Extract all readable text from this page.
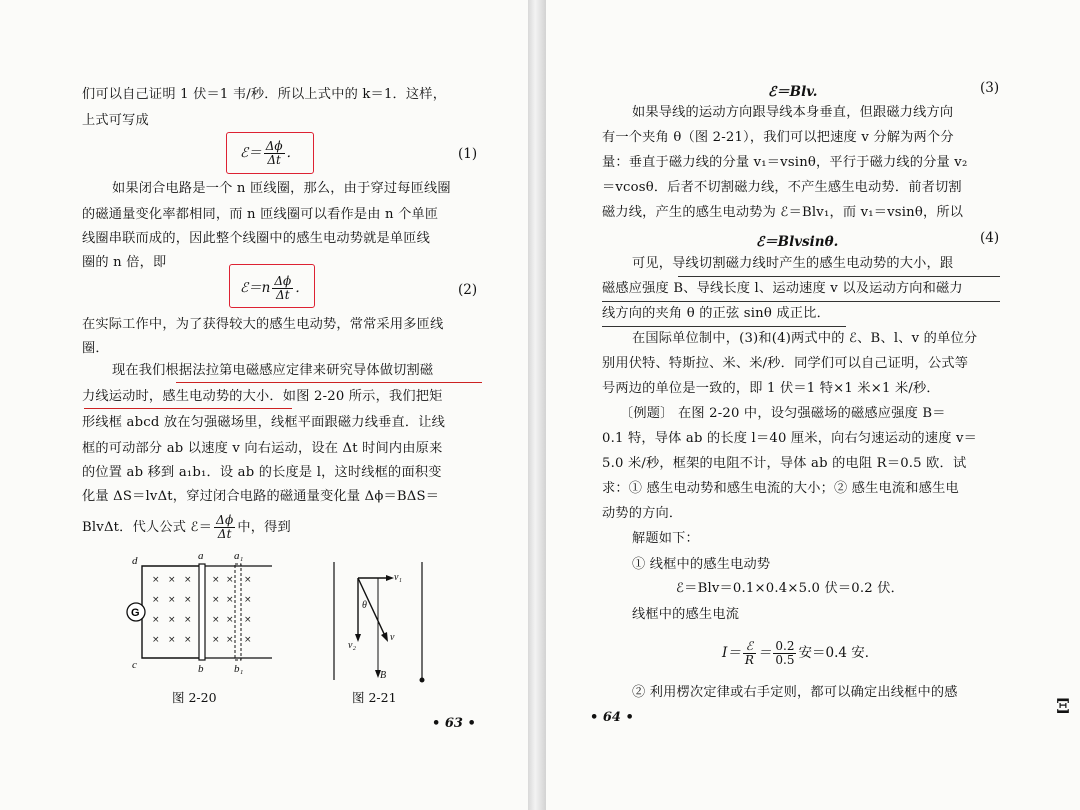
们可以自己证明 1 伏＝1 韦/秒．所以上式中的 k＝1．这样，
上式可写成
ℰ＝ $\frac{\Delta\phi}{\Delta t}$ ．	(1)
如果闭合电路是一个 n 匝线圈，那么，由于穿过每匝线圈
的磁通量变化率都相同，而 n 匝线圈可以看作是由 n 个单匝
线圈串联而成的，因此整个线圈中的感生电动势就是单匝线
圈的 n 倍，即
ℰ＝n $\frac{\Delta\phi}{\Delta t}$ ．	(2)
在实际工作中，为了获得较大的感生电动势，常常采用多匝线
圈．
现在我们根据法拉第电磁感应定律来研究导体做切割磁
力线运动时，感生电动势的大小．如图 2-20 所示，我们把矩
形线框 abcd 放在匀强磁场里，线框平面跟磁力线垂直．让线
框的可动部分 ab 以速度 v 向右运动，设在 Δt 时间内由原来
的位置 ab 移到 a₁b₁．设 ab 的长度是 l，这时线框的面积变
化量 ΔS＝lvΔt，穿过闭合电路的磁通量变化量 Δϕ＝BΔS＝
BlvΔt．代人公式 ℰ＝ $\frac{\Delta\phi}{\Delta t}$ 中，得到
d	a	a₁
c	b	b₁
G
× × × × × ×
× × × × × ×
× × × × × ×
× × × × × ×
图 2-20
v₁
θ
v₂
v
B
图 2-21
• 63 •
ℰ＝Blv.	(3)
如果导线的运动方向跟导线本身垂直，但跟磁力线方向
有一个夹角 θ（图 2-21），我们可以把速度 v 分解为两个分
量：垂直于磁力线的分量 v₁＝vsinθ，平行于磁力线的分量 v₂
＝vcosθ．后者不切割磁力线，不产生感生电动势．前者切割
磁力线，产生的感生电动势为 ℰ＝Blv₁，而 v₁＝vsinθ，所以
ℰ＝Blvsinθ.	(4)
可见，导线切割磁力线时产生的感生电动势的大小，跟
磁感应强度 B、导线长度 l、运动速度 v 以及运动方向和磁力
线方向的夹角 θ 的正弦 sinθ 成正比．
在国际单位制中，(3)和(4)两式中的 ℰ、B、l、v 的单位分
别用伏特、特斯拉、米、米/秒．同学们可以自己证明，公式等
号两边的单位是一致的，即 1 伏＝1 特×1 米×1 米/秒．
〔例题〕 在图 2-20 中，设匀强磁场的磁感应强度 B＝
0.1 特，导体 ab 的长度 l＝40 厘米，向右匀速运动的速度 v＝
5.0 米/秒，框架的电阻不计，导体 ab 的电阻 R＝0.5 欧．试
求：① 感生电动势和感生电流的大小；② 感生电流和感生电
动势的方向．
解题如下：
① 线框中的感生电动势
ℰ＝Blv＝0.1×0.4×5.0 伏＝0.2 伏．
线框中的感生电流
$I= \frac{\text{ℰ}}{R} = \frac{0.2}{0.5}$ 安＝0.4 安．
② 利用楞次定律或右手定则，都可以确定出线框中的感
• 64 •	Ξ
